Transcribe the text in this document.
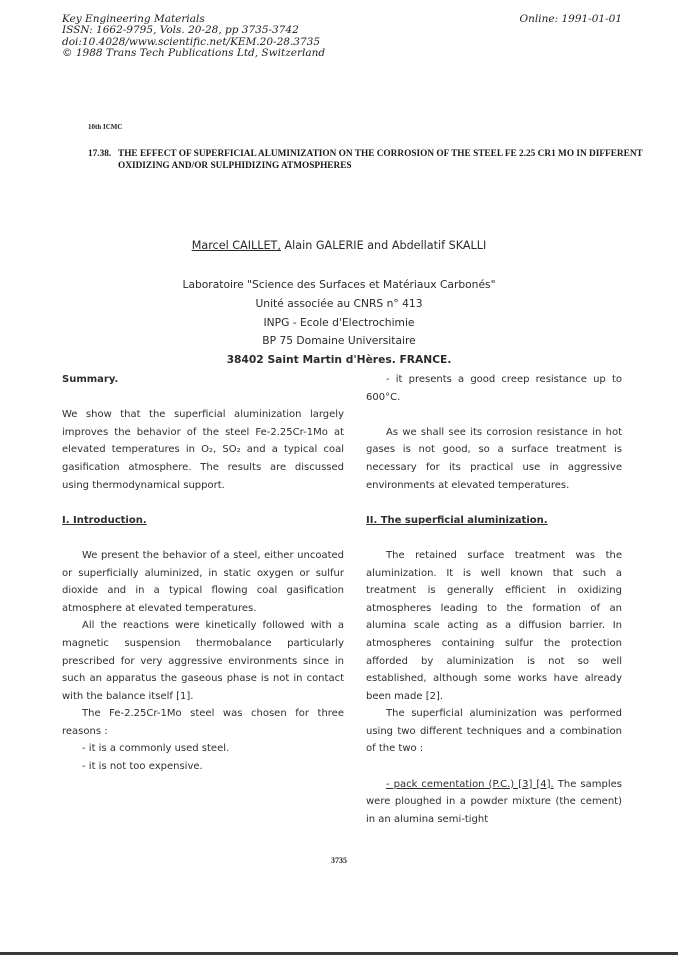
Key Engineering Materials
ISSN: 1662-9795, Vols. 20-28, pp 3735-3742
doi:10.4028/www.scientific.net/KEM.20-28.3735
© 1988 Trans Tech Publications Ltd, Switzerland
Online: 1991-01-01
10th ICMC
17.38. THE EFFECT OF SUPERFICIAL ALUMINIZATION ON THE CORROSION OF THE STEEL FE 2.25 CR1 MO IN DIFFERENT OXIDIZING AND/OR SULPHIDIZING ATMOSPHERES
Marcel CAILLET, Alain GALERIE and Abdellatif SKALLI
Laboratoire "Science des Surfaces et Matériaux Carbonés"
Unité associée au CNRS n° 413
INPG - Ecole d'Electrochimie
BP 75 Domaine Universitaire
38402 Saint Martin d'Hères. FRANCE.

Summary.

We show that the superficial aluminization largely improves the behavior of the steel Fe-2.25Cr-1Mo at elevated temperatures in O₂, SO₂ and a typical coal gasification atmosphere. The results are discussed using thermodynamical support.

I. Introduction.

We present the behavior of a steel, either uncoated or superficially aluminized, in static oxygen or sulfur dioxide and in a typical flowing coal gasification atmosphere at elevated temperatures.

All the reactions were kinetically followed with a magnetic suspension thermobalance particularly prescribed for very aggressive environments since in such an apparatus the gaseous phase is not in contact with the balance itself [1].

The Fe-2.25Cr-1Mo steel was chosen for three reasons :

- it is a commonly used steel.
- it is not too expensive.

- it presents a good creep resistance up to 600°C.

As we shall see its corrosion resistance in hot gases is not good, so a surface treatment is necessary for its practical use in aggressive environments at elevated temperatures.

II. The superficial aluminization.

The retained surface treatment was the aluminization. It is well known that such a treatment is generally efficient in oxidizing atmospheres leading to the formation of an alumina scale acting as a diffusion barrier. In atmospheres containing sulfur the protection afforded by aluminization is not so well established, although some works have already been made [2].

The superficial aluminization was performed using two different techniques and a combination of the two :

- pack cementation (P.C.) [3] [4]. The samples were ploughed in a powder mixture (the cement) in an alumina semi-tight

3735
